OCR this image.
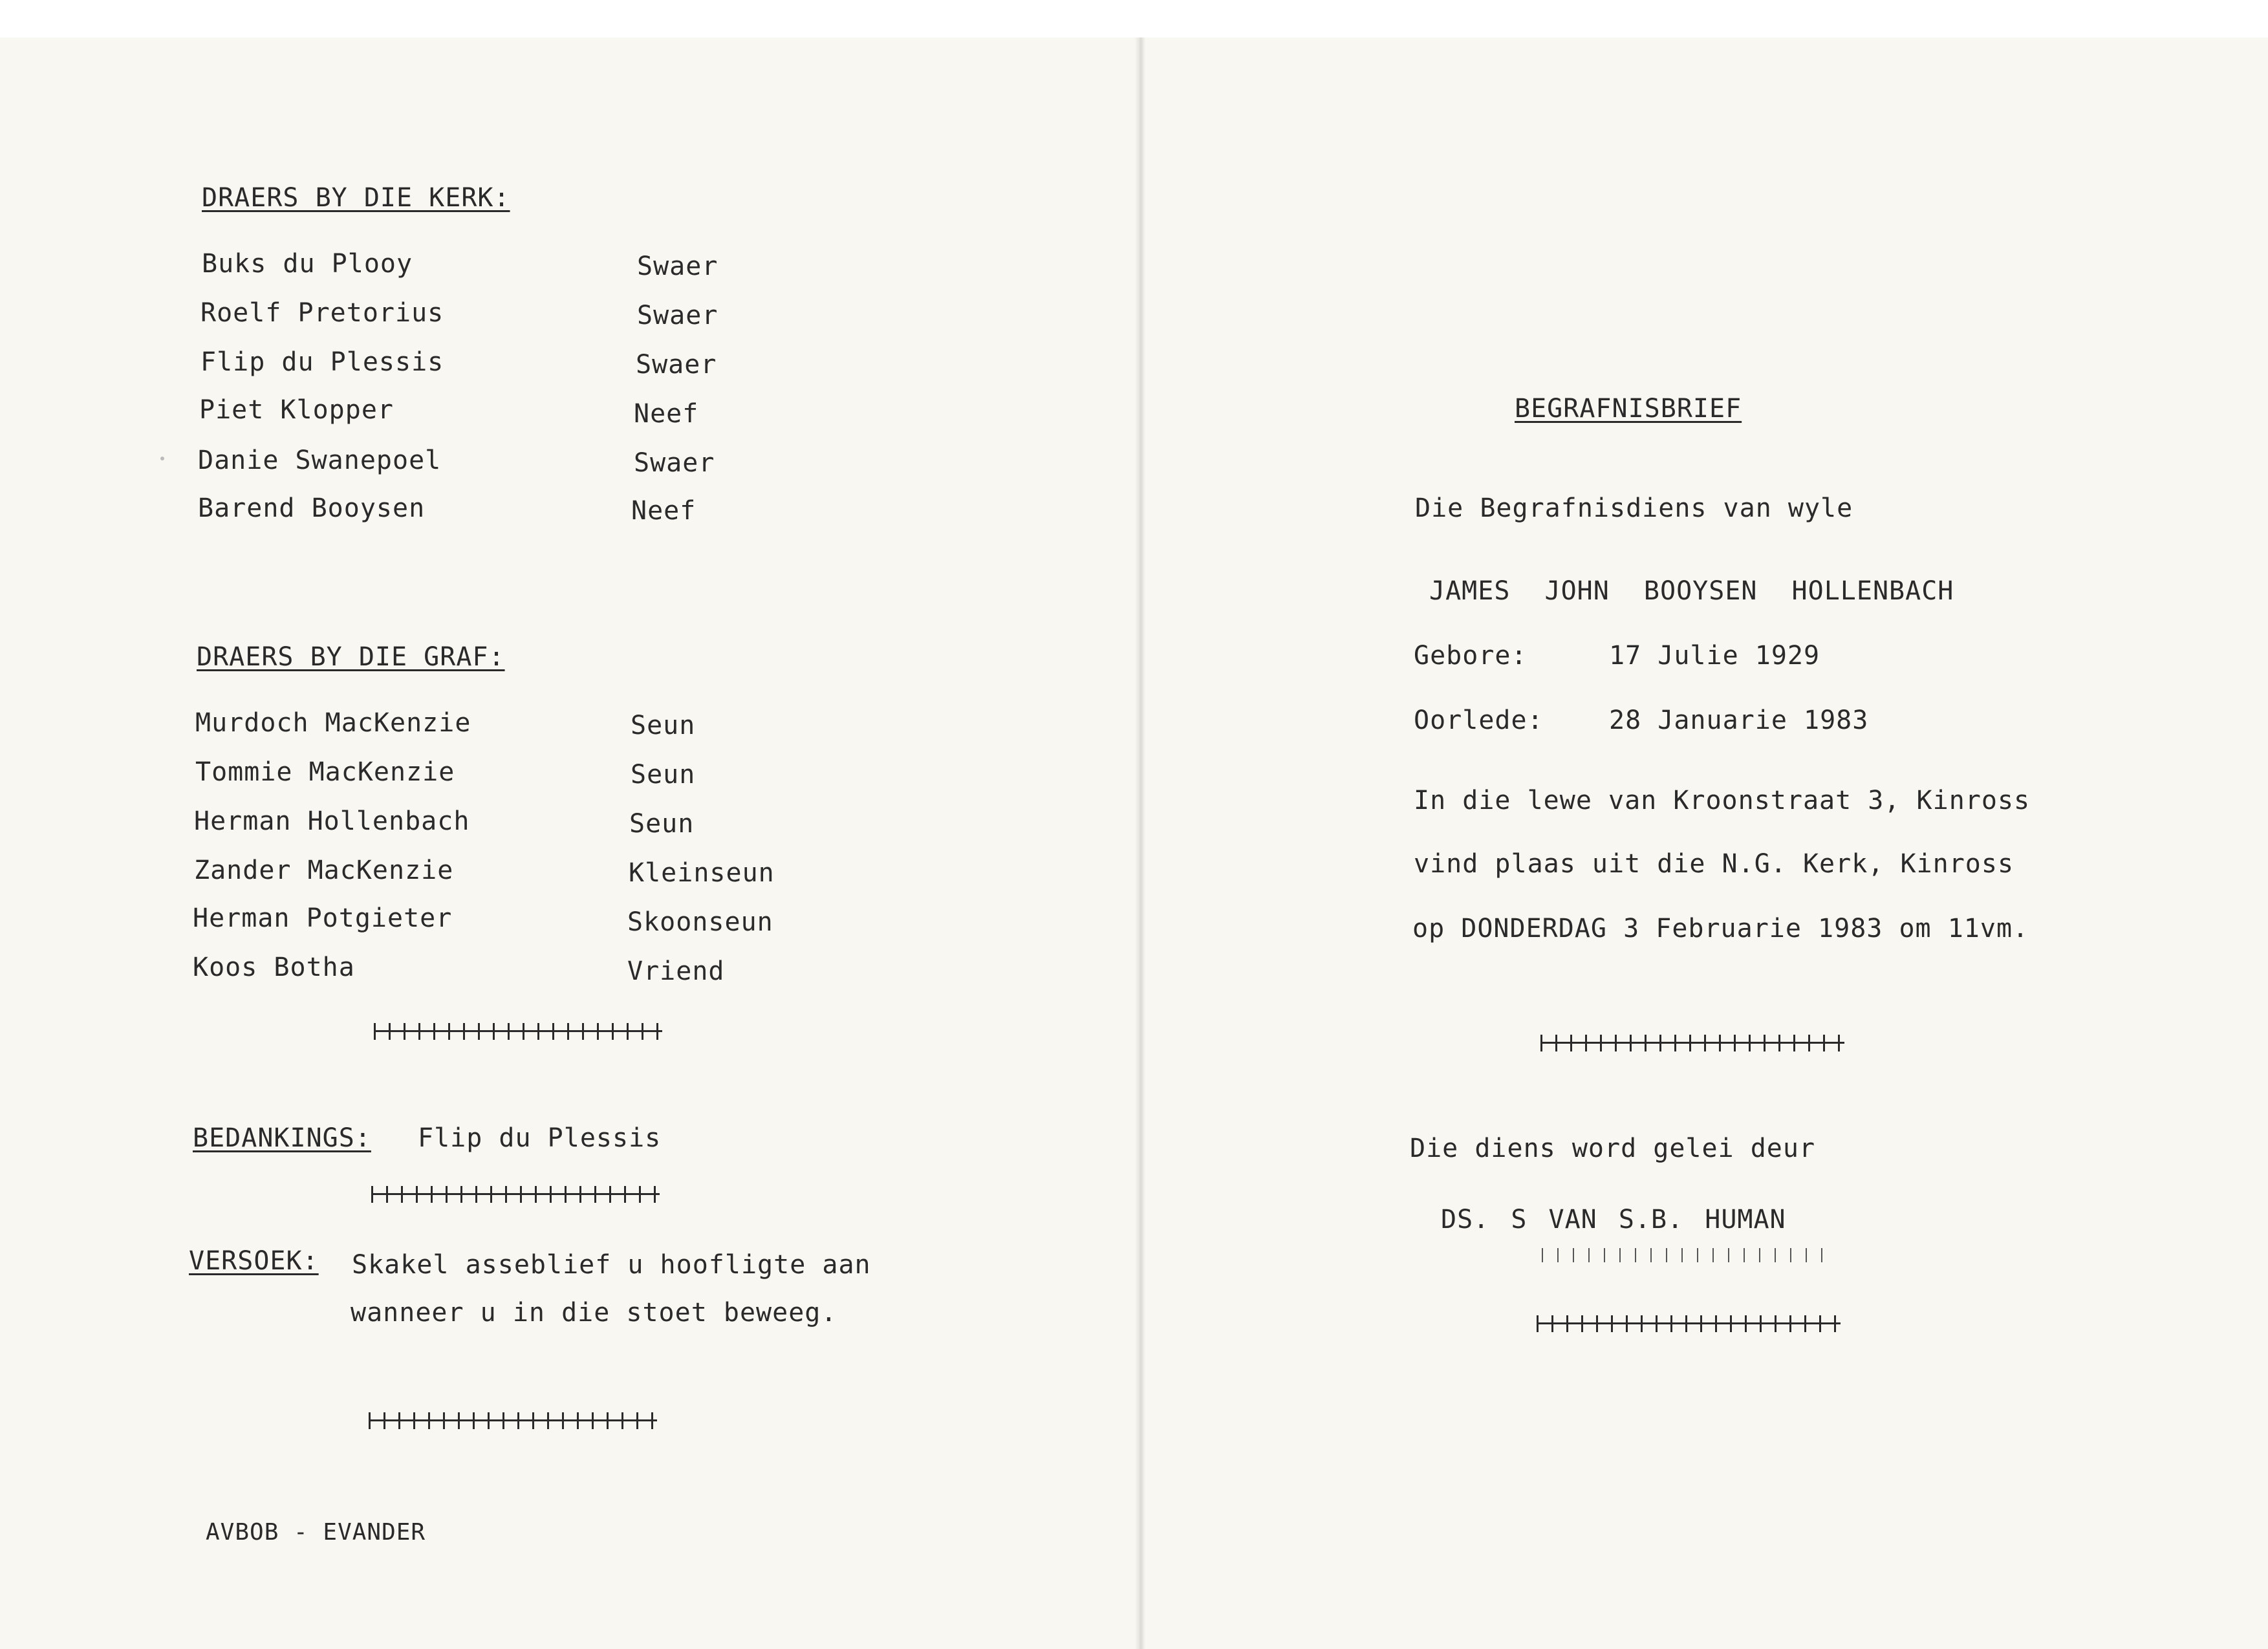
DRAERS BY DIE KERK:
Buks du Plooy	Swaer
Roelf Pretorius	Swaer
Flip du Plessis	Swaer
Piet Klopper	Neef
Danie Swanepoel	Swaer
Barend Booysen	Neef
DRAERS BY DIE GRAF:
Murdoch MacKenzie	Seun
Tommie MacKenzie	Seun
Herman Hollenbach	Seun
Zander MacKenzie	Kleinseun
Herman Potgieter	Skoonseun
Koos Botha	Vriend
BEDANKINGS: Flip du Plessis
VERSOEK: Skakel asseblief u hoofligte aan
wanneer u in die stoet beweeg.
AVBOB - EVANDER
BEGRAFNISBRIEF
Die Begrafnisdiens van wyle
JAMES JOHN BOOYSEN HOLLENBACH
Gebore:	17 Julie 1929
Oorlede:	28 Januarie 1983
In die lewe van Kroonstraat 3, Kinross
vind plaas uit die N.G. Kerk, Kinross
op DONDERDAG 3 Februarie 1983 om 11vm.
Die diens word gelei deur
DS. S VAN S.B. HUMAN
